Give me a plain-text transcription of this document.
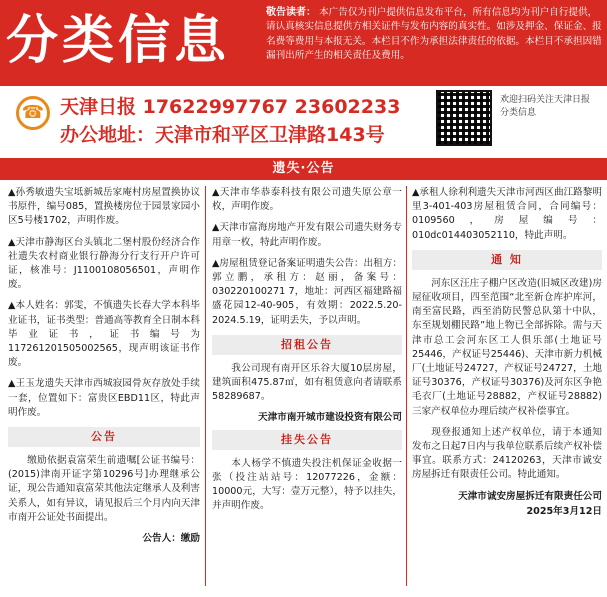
分类信息	敬告读者： 本广告仅为刊户提供信息发布平台，所有信息均为刊户自行提供，请认真核实信息提供方相关证件与发布内容的真实性。如涉及押金、保证金、报名费等费用与本报无关。本栏目不作为承担法律责任的依据。本栏目不承担因错漏刊出所产生的相关责任及费用。
☎ 天津日报 17622997767 23602233
办公地址：天津市和平区卫津路143号
欢迎扫码关注天津日报 分类信息
遗失·公告
▲孙秀敏遗失宝坻新城岳家庵村房屋置换协议书原件，编号085，置换楼房位于园景家园小区5号楼1702，声明作废。
▲天津市静海区台头镇北二堡村股份经济合作社遗失农村商业银行静海分行支行开户许可证，核准号：J1100108056501，声明作废。
▲本人姓名：郭雯，不慎遗失长春大学本科毕业证书，证书类型：普通高等教育全日制本科毕业证书，证书编号为117261201505002565，现声明该证书作废。
▲王玉龙遗失天津市西城寂园骨灰存放处手续一套，位置如下：富贵区EBD11区，特此声明作废。
公告
缴励依据袁富荣生前遗嘱[公证书编号：(2015)津南开证字第10296号]办理继承公证，现公告通知袁富荣其他法定继承人及利害关系人，如有异议，请见报后三个月内向天津市南开公证处书面提出。
公告人：缴励
▲天津市华恭泰科技有限公司遗失原公章一枚，声明作废。
▲天津市富海房地产开发有限公司遗失财务专用章一枚，特此声明作废。
▲房屋租赁登记备案证明遗失公告：出租方：郭立鹏，承租方：赵丽，备案号：030220100271 7，地址：河西区福建路福盛花园12-40-905，有效期：2022.5.20-2024.5.19，证明丢失，予以声明。
招租公告
我公司现有南开区乐谷大厦10层房屋，建筑面积475.87㎡，如有租赁意向者请联系58289687。
天津市南开城市建设投资有限公司
挂失公告
本人杨学不慎遗失投注机保证金收据一张（投注站站号：12077226，金额：10000元，大写：壹万元整），特予以挂失，并声明作废。
▲承租人徐利利遗失天津市河西区曲江路黎明里3-401-403房屋租赁合同，合同编号：0109560，房屋编号：010dc014403052110，特此声明。
通 知
河东区汪庄子棚户区改造(旧城区改建)房屋征收项目，四至范围“北至新仓库护库河，南至富民路，西至消防民警总队第十中队，东至规划棚民路”地上物已全部拆除。需与天津市总工会河东区工人俱乐部(土地证号25446，产权证号25446)、天津市新力机械厂(土地证号24727，产权证号24727，土地证号30376，产权证号30376)及河东区争艳毛衣厂(土地证号28882，产权证号28882)三家产权单位办理后续产权补偿事宜。
现登报通知上述产权单位，请于本通知发布之日起7日内与我单位联系后续产权补偿事宜。联系方式：24120263，天津市诚安房屋拆迁有限责任公司。特此通知。
天津市诚安房屋拆迁有限责任公司
2025年3月12日
